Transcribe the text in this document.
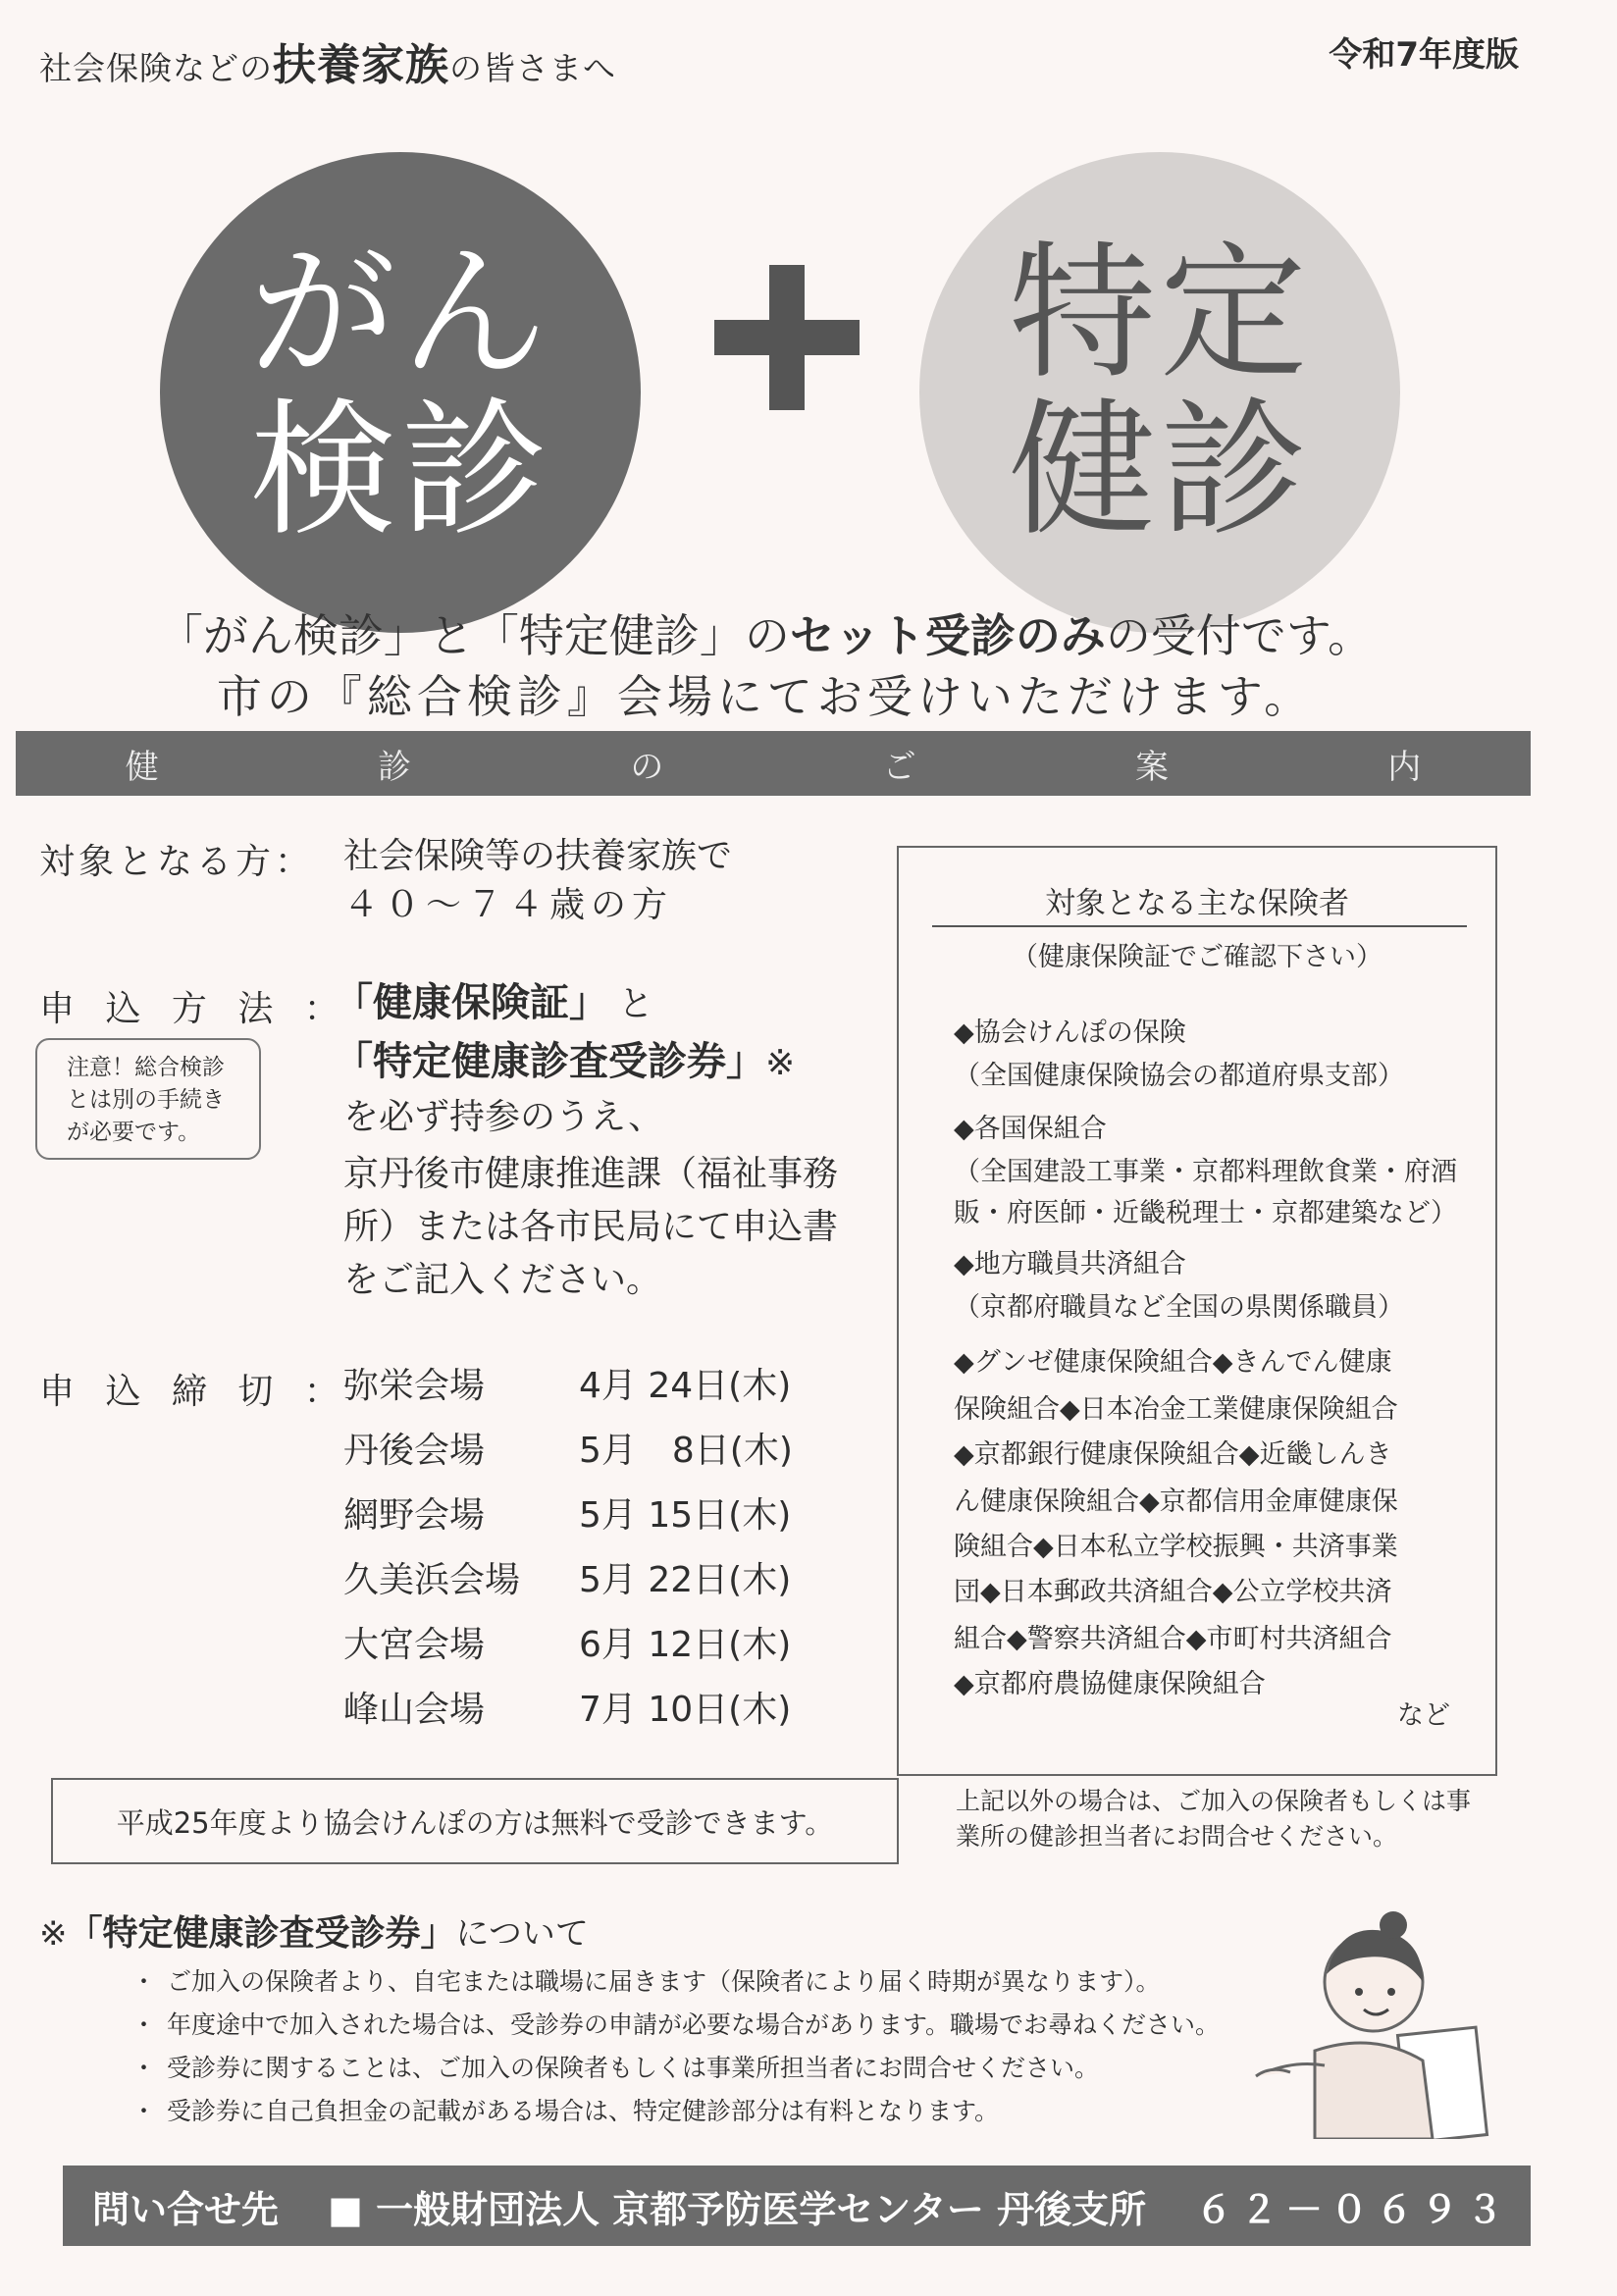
社会保険などの扶養家族の皆さまへ	令和7年度版
がん
検診
特定
健診
「がん検診」と「特定健診」のセット受診のみの受付です。
市の『総合検診』会場にてお受けいただけます。
健	診	の	ご	案	内
対象となる方： 社会保険等の扶養家族で
４０～７４歳の方
申 込 方 法 ：
「健康保険証」 と
「特定健康診査受診券」※
を必ず持参のうえ、
京丹後市健康推進課（福祉事務
所）または各市民局にて申込書
をご記入ください。
注意！総合検診
とは別の手続き
が必要です。
申 込 締 切 ：
弥栄会場	4月 24日(木)
丹後会場	5月　8日(木)
網野会場	5月 15日(木)
久美浜会場 5月 22日(木)
大宮会場	6月 12日(木)
峰山会場	7月 10日(木)
平成25年度より協会けんぽの方は無料で受診できます。
対象となる主な保険者
（健康保険証でご確認下さい）
◆協会けんぽの保険
（全国健康保険協会の都道府県支部）
◆各国保組合
（全国建設工事業・京都料理飲食業・府酒
販・府医師・近畿税理士・京都建築など）
◆地方職員共済組合
（京都府職員など全国の県関係職員）
◆グンゼ健康保険組合◆きんでん健康
保険組合◆日本冶金工業健康保険組合
◆京都銀行健康保険組合◆近畿しんき
ん健康保険組合◆京都信用金庫健康保
険組合◆日本私立学校振興・共済事業
団◆日本郵政共済組合◆公立学校共済
組合◆警察共済組合◆市町村共済組合
◆京都府農協健康保険組合
など
上記以外の場合は、ご加入の保険者もしくは事
業所の健診担当者にお問合せください。
※「特定健康診査受診券」について
・ ご加入の保険者より、自宅または職場に届きます（保険者により届く時期が異なります）。
・ 年度途中で加入された場合は、受診券の申請が必要な場合があります。職場でお尋ねください。
・ 受診券に関することは、ご加入の保険者もしくは事業所担当者にお問合せください。
・ 受診券に自己負担金の記載がある場合は、特定健診部分は有料となります。
問い合せ先 ■ 一般財団法人 京都予防医学センター 丹後支所 ６２－０６９３
